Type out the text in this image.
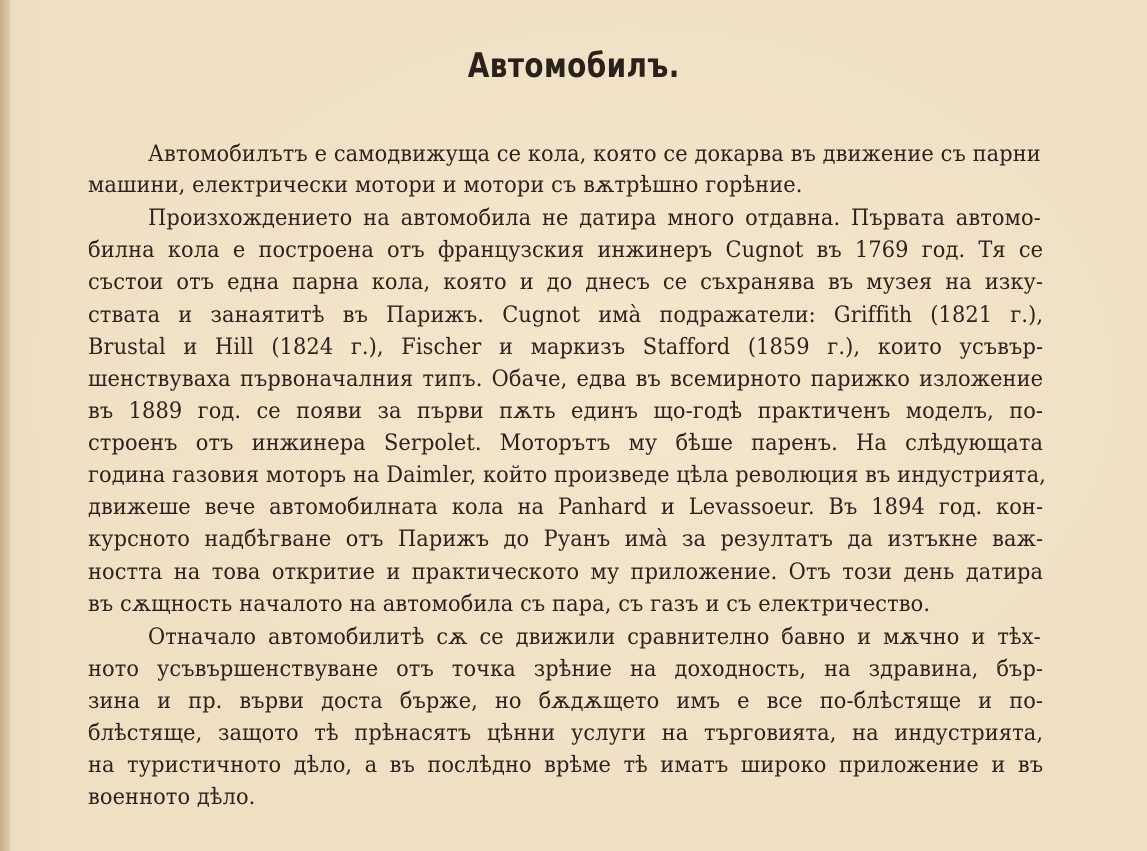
Автомобилъ.
Автомобилътъ е самодвижуща се кола, която се докарва въ движение съ парни
машини, електрически мотори и мотори съ вѫтрѣшно горѣние.
Произхождението на автомобила не датира много отдавна. Първата автомо-
билна кола е построена отъ французския инжинеръ Cugnot въ 1769 год. Тя се
състои отъ една парна кола, която и до днесъ се съхранява въ музея на изку-
ствата и занаятитѣ въ Парижъ. Cugnot имà подражатели: Griffith (1821 г.),
Brustal и Hill (1824 г.), Fischer и маркизъ Stafford (1859 г.), които усъвър-
шенствуваха първоначалния типъ. Обаче, едва въ всемирното парижко изложение
въ 1889 год. се появи за първи пѫть единъ що-годѣ практиченъ моделъ, по-
строенъ отъ инжинера Serpolet. Моторътъ му бѣше паренъ. На слѣдующата
година газовия моторъ на Daimler, който произведе цѣла революция въ индустрията,
движеше вече автомобилната кола на Panhard и Levassoeur. Въ 1894 год. кон-
курсното надбѣгване отъ Парижъ до Руанъ имà за резултатъ да изтъкне важ-
ността на това откритие и практическото му приложение. Отъ този день датира
въ сѫщность началото на автомобила съ пара, съ газъ и съ електричество.
Отначало автомобилитѣ сѫ се движили сравнително бавно и мѫчно и тѣх-
ното усъвършенствуване отъ точка зрѣние на доходность, на здравина, бър-
зина и пр. върви доста бърже, но бѫдѫщето имъ е все по-блѣстяще и по-
блѣстяще, защото тѣ прѣнасятъ цѣнни услуги на търговията, на индустрията,
на туристичното дѣло, а въ послѣдно врѣме тѣ иматъ широко приложение и въ
военното дѣло.
